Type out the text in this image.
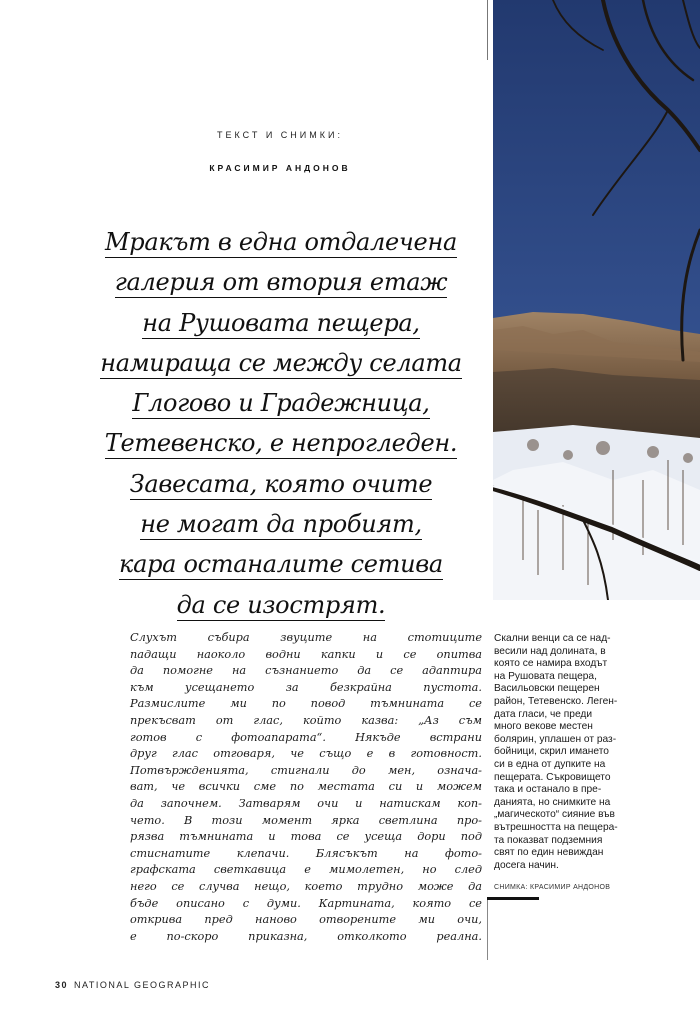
ТЕКСТ И СНИМКИ:
КРАСИМИР АНДОНОВ
Мракът в една отдалечена
галерия от втория етаж
на Рушовата пещера,
намираща се между селата
Глогово и Градежница,
Тетевенско, е непрогледен.
Завесата, която очите
не могат да пробият,
кара останалите сетива
да се изострят.
Слухът събира звуците на стотиците
падащи наоколо водни капки и се опитва
да помогне на съзнанието да се адаптира
към усещането за безкрайна пустота.
Размислите ми по повод тъмнината се
прекъсват от глас, който казва: „Аз съм
готов с фотоапарата“. Някъде встрани
друг глас отговаря, че също е в готовност.
Потвържденията, стигнали до мен, означа-
ват, че всички сме по местата си и можем
да започнем. Затварям очи и натискам коп-
чето. В този момент ярка светлина про-
рязва тъмнината и това се усеща дори под
стиснатите клепачи. Блясъкът на фото-
графската светкавица е мимолетен, но след
него се случва нещо, което трудно може да
бъде описано с думи. Картината, която се
открива пред наново отворените ми очи,
е по-скоро приказна, отколкото реална.
Скални венци са се над-
весили над долината, в
която се намира входът
на Рушовата пещера,
Васильовски пещерен
район, Тетевенско. Леген-
дата гласи, че преди
много векове местен
болярин, уплашен от раз-
бойници, скрил имането
си в една от дупките на
пещерата. Съкровището
така и останало в пре-
данията, но снимките на
„магическото“ сияние във
вътрешността на пещера-
та показват подземния
свят по един невиждан
досега начин.
СНИМКА: КРАСИМИР АНДОНОВ
30 NATIONAL GEOGRAPHIC
